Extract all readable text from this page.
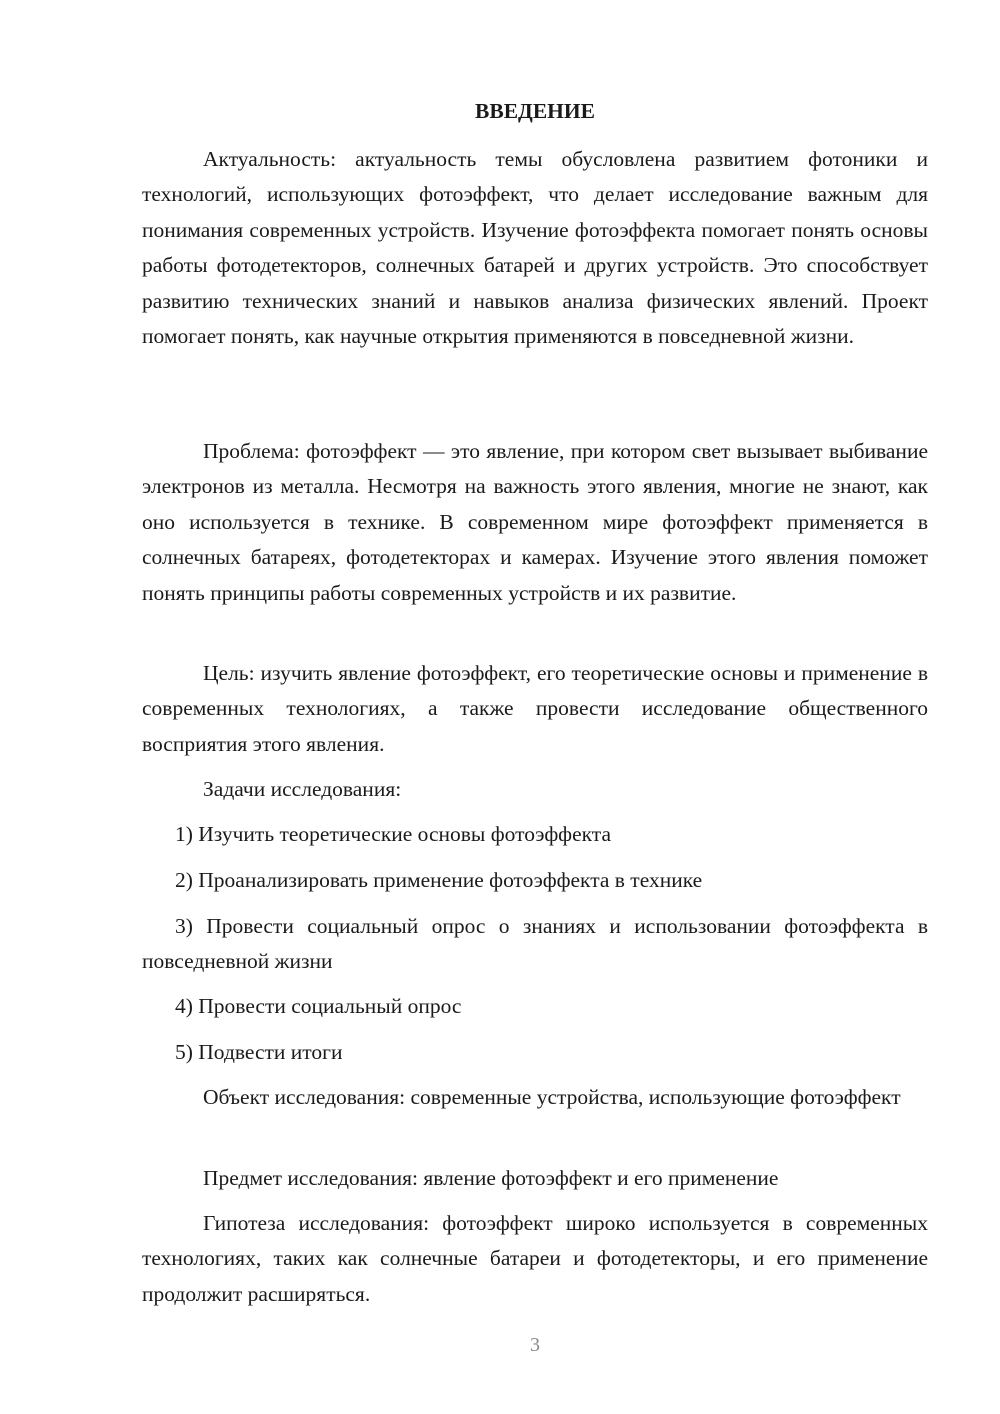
ВВЕДЕНИЕ

Актуальность: актуальность темы обусловлена развитием фотоники и технологий, использующих фотоэффект, что делает исследование важным для понимания современных устройств. Изучение фотоэффекта помогает понять основы работы фотодетекторов, солнечных батарей и других устройств. Это способствует развитию технических знаний и навыков анализа физических явлений. Проект помогает понять, как научные открытия применяются в повседневной жизни.

Проблема: фотоэффект — это явление, при котором свет вызывает выбивание электронов из металла. Несмотря на важность этого явления, многие не знают, как оно используется в технике. В современном мире фотоэффект применяется в солнечных батареях, фотодетекторах и камерах. Изучение этого явления поможет понять принципы работы современных устройств и их развитие.

Цель: изучить явление фотоэффект, его теоретические основы и применение в современных технологиях, а также провести исследование общественного восприятия этого явления.

Задачи исследования:

1) Изучить теоретические основы фотоэффекта

2) Проанализировать применение фотоэффекта в технике

3) Провести социальный опрос о знаниях и использовании фотоэффекта в повседневной жизни

4) Провести социальный опрос

5) Подвести итоги

Объект исследования: современные устройства, использующие фотоэффект

Предмет исследования: явление фотоэффект и его применение

Гипотеза исследования: фотоэффект широко используется в современных технологиях, таких как солнечные батареи и фотодетекторы, и его применение продолжит расширяться.

3
